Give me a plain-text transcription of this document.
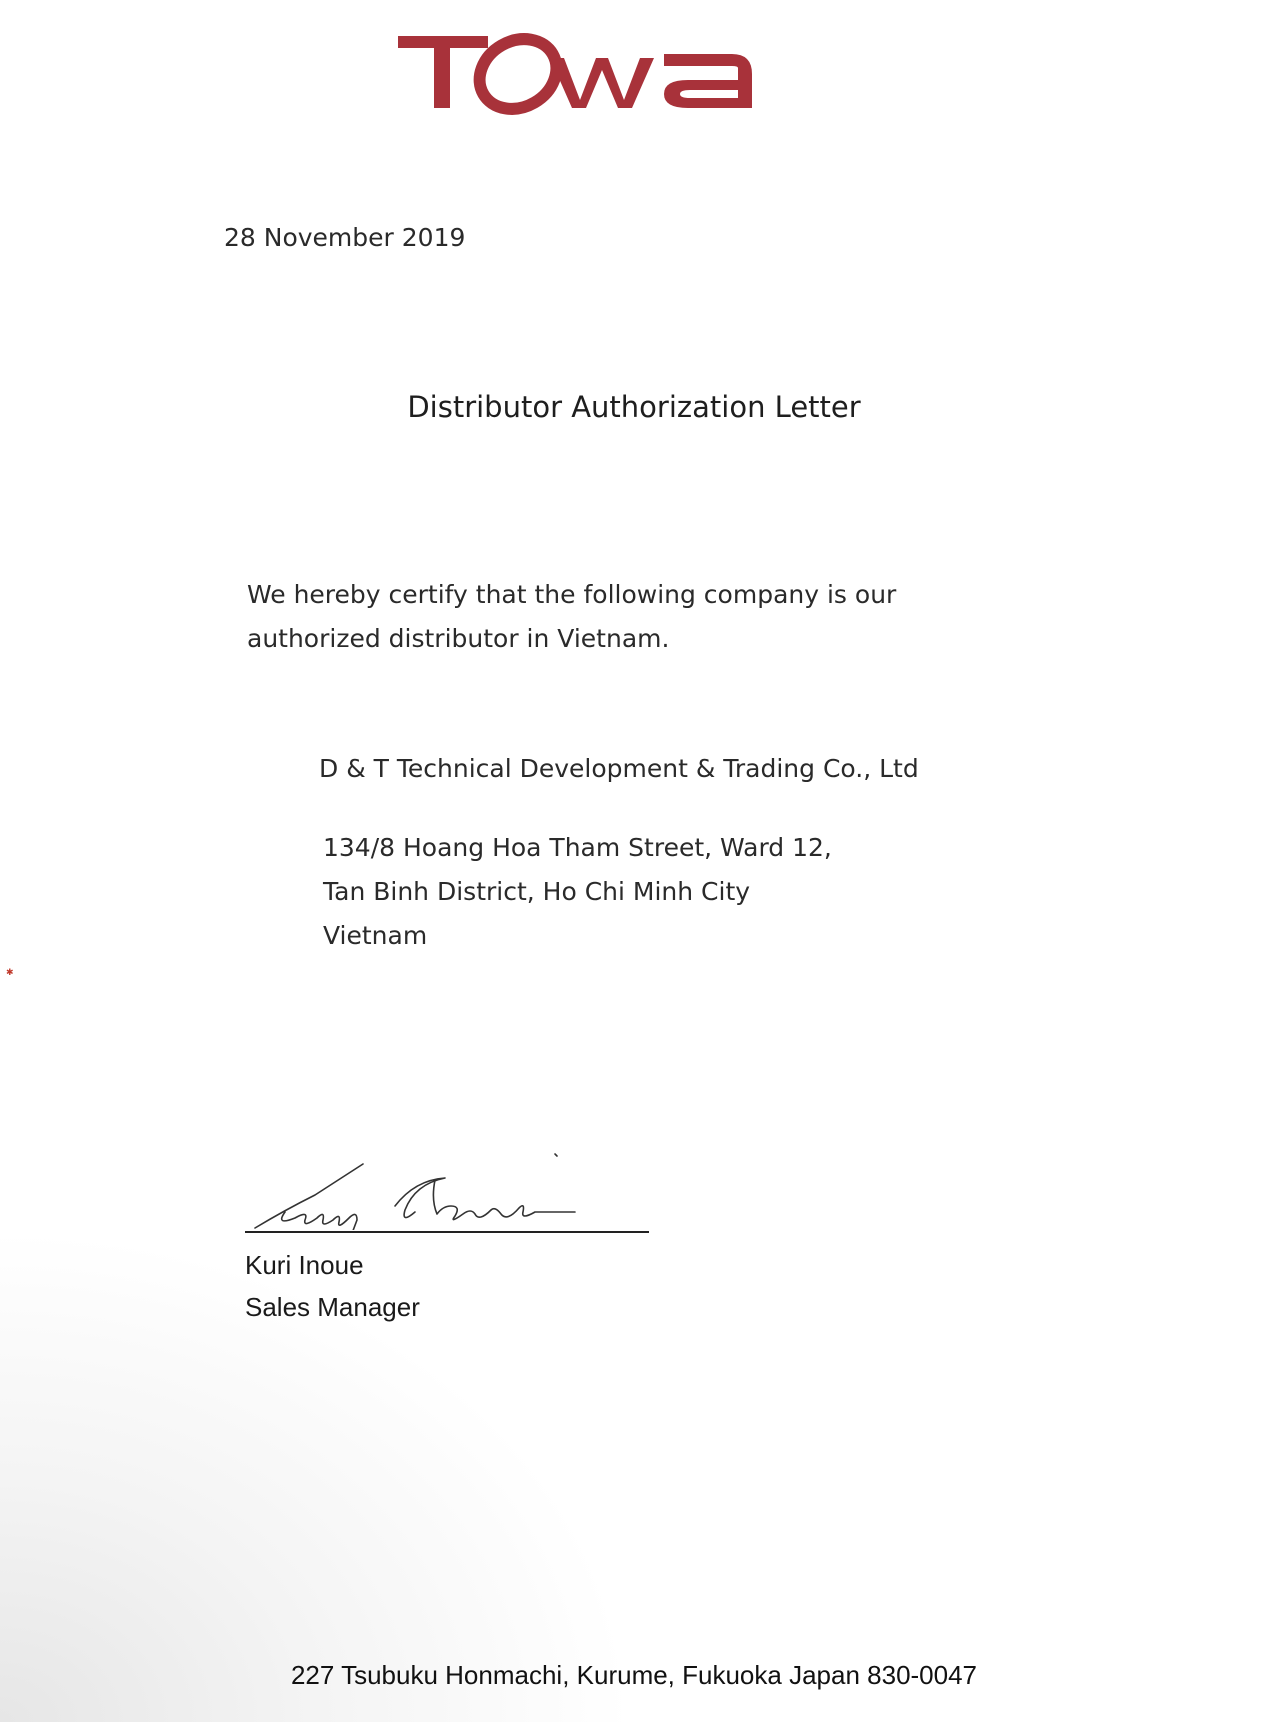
28 November 2019
Distributor Authorization Letter
We hereby certify that the following company is our authorized distributor in Vietnam.
D & T Technical Development & Trading Co., Ltd
134/8 Hoang Hoa Tham Street, Ward 12,
Tan Binh District, Ho Chi Minh City
Vietnam
✱
Kuri Inoue
Sales Manager
227 Tsubuku Honmachi, Kurume, Fukuoka Japan 830-0047
